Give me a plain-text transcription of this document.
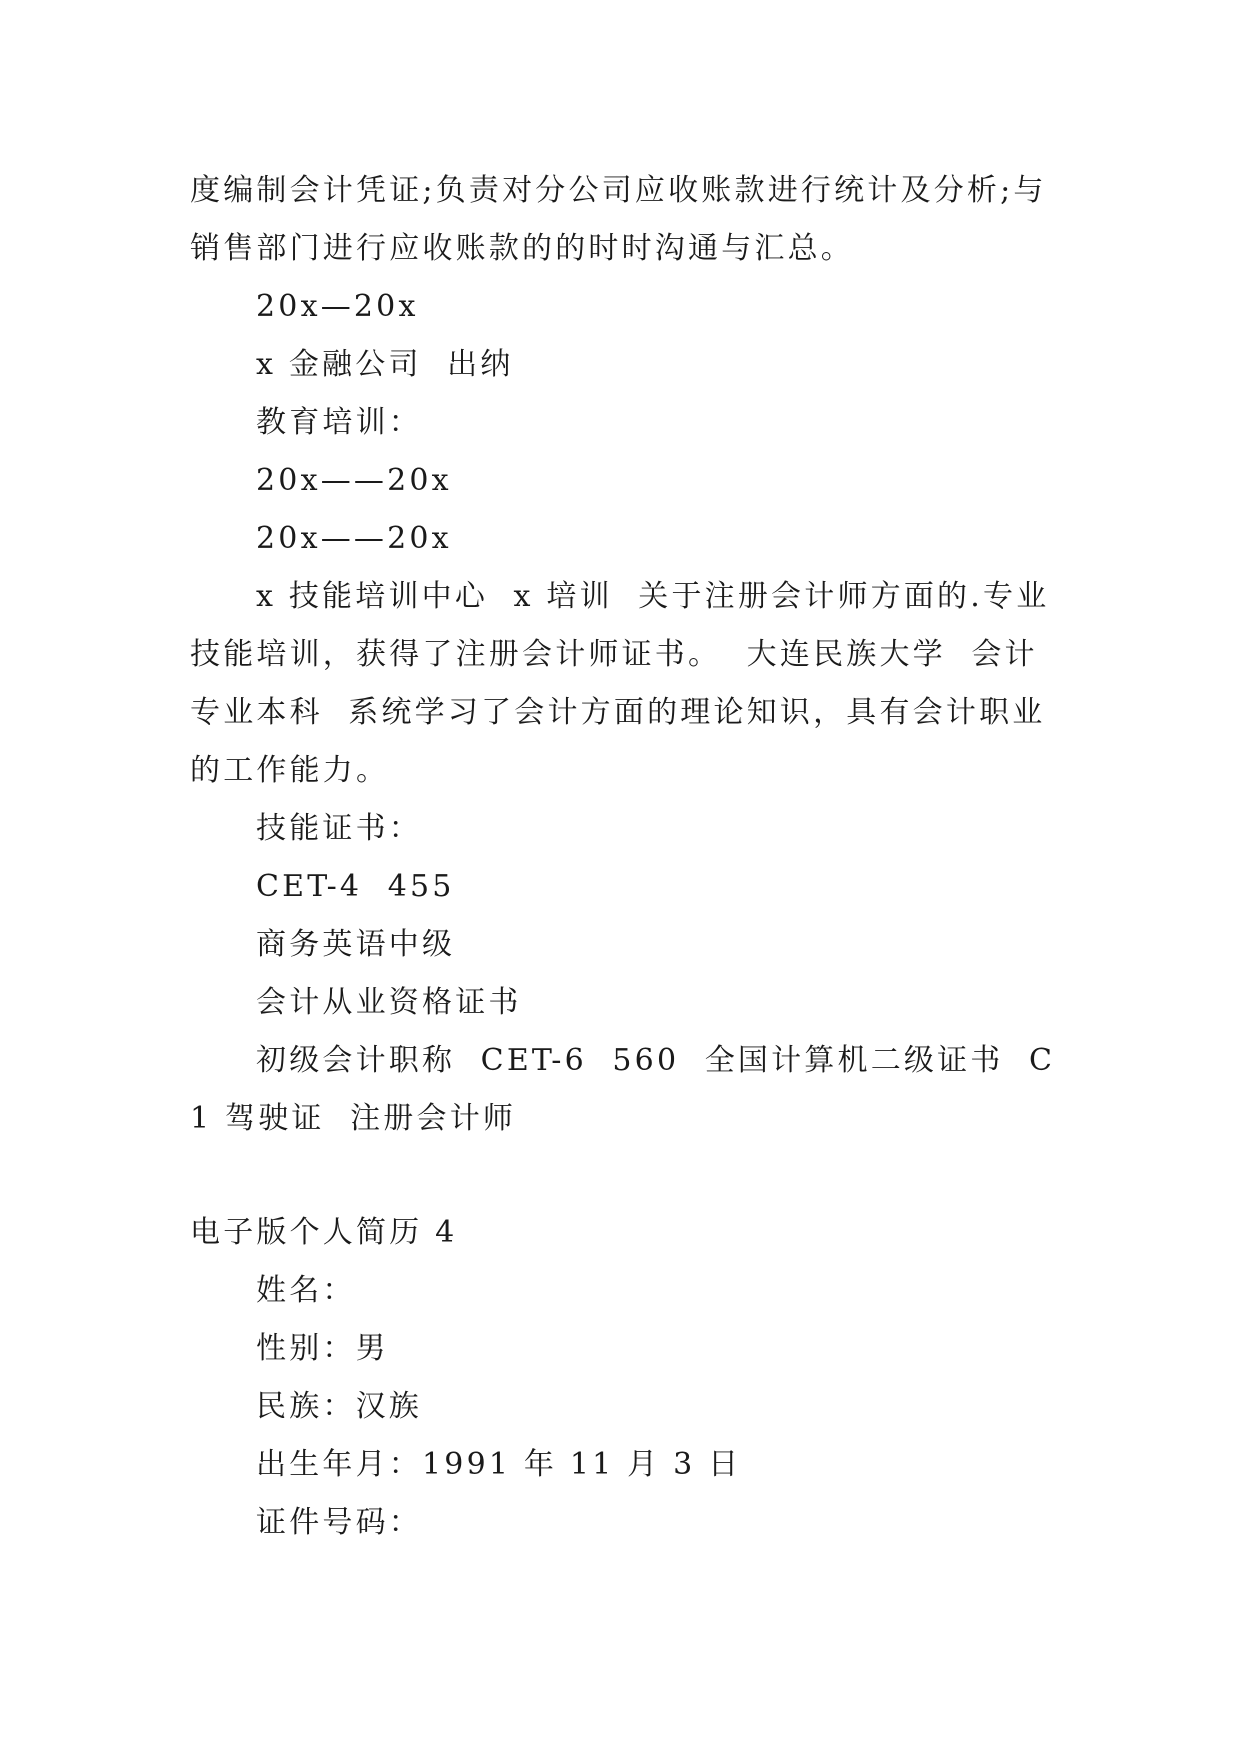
度编制会计凭证;负责对分公司应收账款进行统计及分析;与

销售部门进行应收账款的的时时沟通与汇总。

20x—20x

x 金融公司  出纳

教育培训：

20x——20x

20x——20x

x 技能培训中心  x 培训  关于注册会计师方面的.专业技能培训，获得了注册会计师证书。  大连民族大学  会计专业本科  系统学习了会计方面的理论知识，具有会计职业的工作能力。

技能证书：

CET-4  455

商务英语中级

会计从业资格证书

初级会计职称  CET-6  560  全国计算机二级证书  C1 驾驶证  注册会计师

电子版个人简历 4

姓名：

性别：男

民族：汉族

出生年月：1991 年 11 月 3 日

证件号码：
